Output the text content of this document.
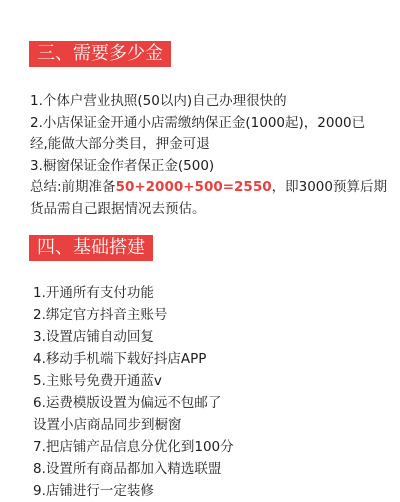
三、需要多少金
1.个体户营业执照(50以内)自己办理很快的
2.小店保证金开通小店需缴纳保正金(1000起)，2000已
经,能做大部分类目，押金可退
3.橱窗保证金作者保正金(500)
总结:前期准备50+2000+500=2550，即3000预算后期
货品需自己跟据情况去预估。
四、基础搭建
1.开通所有支付功能
2.绑定官方抖音主账号
3.设置店铺自动回复
4.移动手机端下载好抖店APP
5.主账号免费开通蓝v
6.运费模版设置为偏远不包邮了
设置小店商品同步到橱窗
7.把店铺产品信息分优化到100分
8.设置所有商品都加入精选联盟
9.店铺进行一定装修
